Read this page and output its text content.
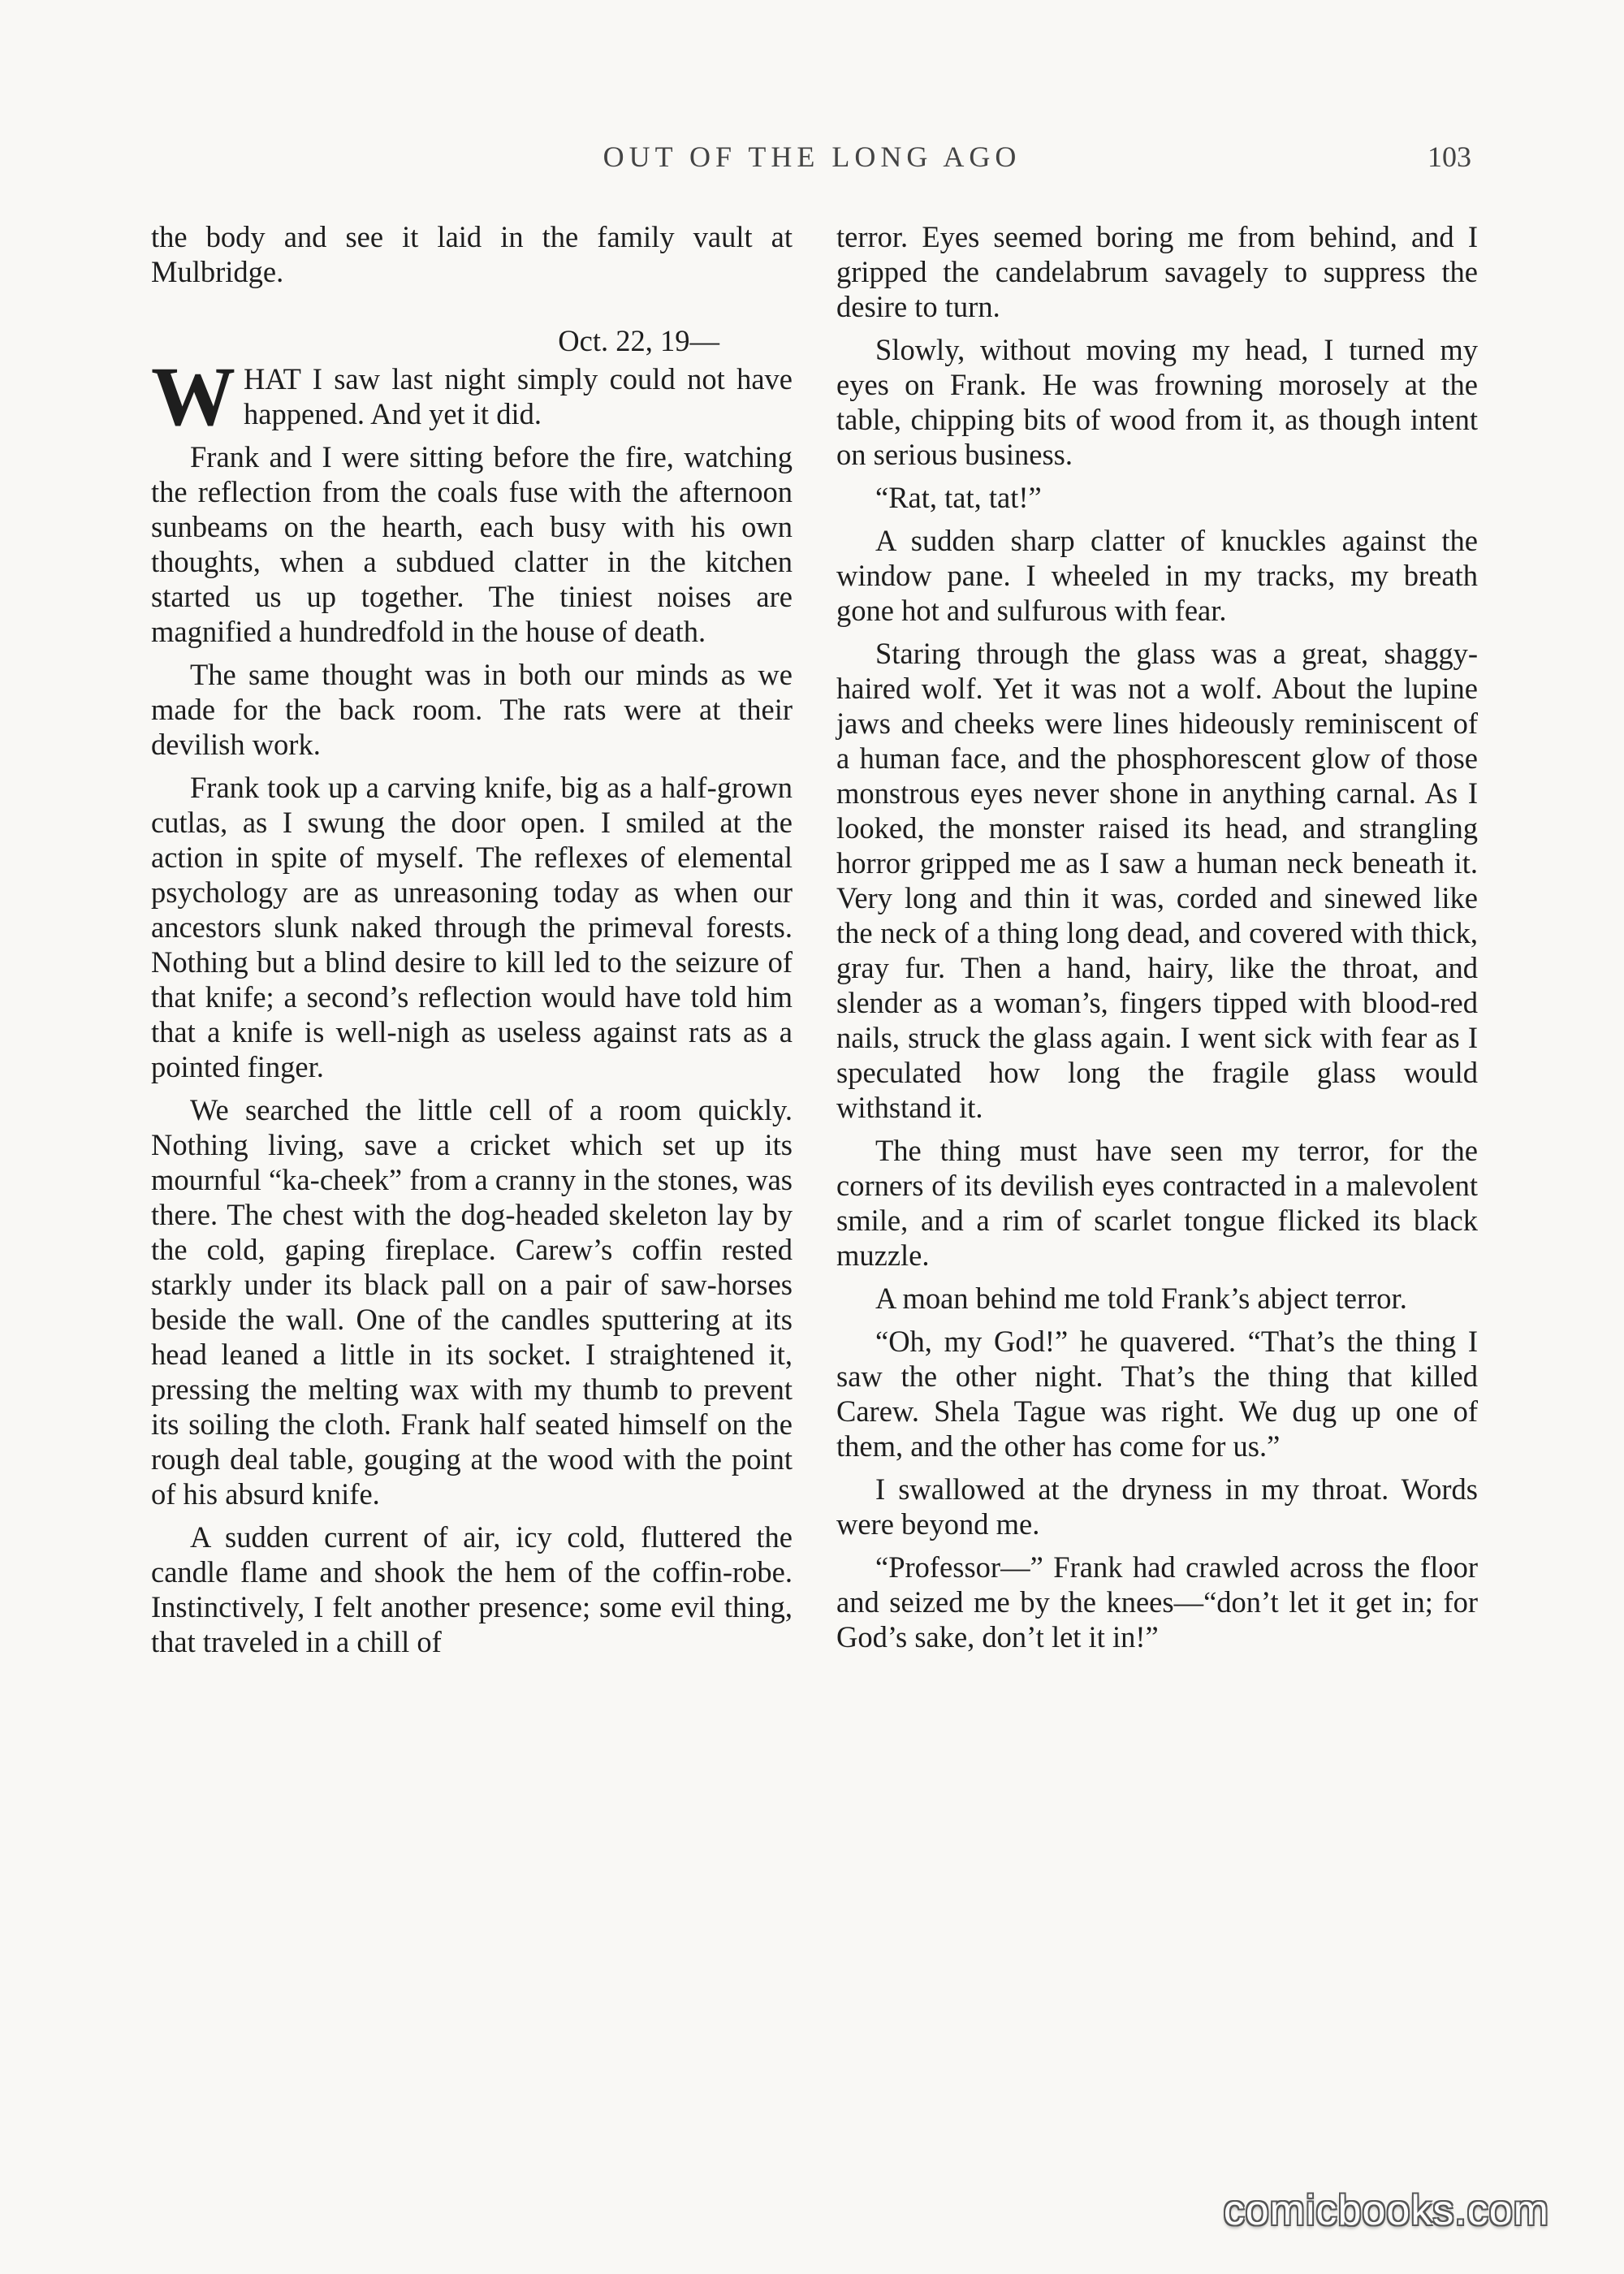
OUT OF THE LONG AGO	103

the body and see it laid in the family vault at Mulbridge.

Oct. 22, 19—

WHAT I saw last night simply could not have happened. And yet it did.

Frank and I were sitting before the fire, watching the reflection from the coals fuse with the afternoon sunbeams on the hearth, each busy with his own thoughts, when a subdued clatter in the kitchen started us up together. The tiniest noises are magnified a hundredfold in the house of death.

The same thought was in both our minds as we made for the back room. The rats were at their devilish work.

Frank took up a carving knife, big as a half-grown cutlas, as I swung the door open. I smiled at the action in spite of myself. The reflexes of elemental psychology are as unreasoning today as when our ancestors slunk naked through the primeval forests. Nothing but a blind desire to kill led to the seizure of that knife; a second’s reflection would have told him that a knife is well-nigh as useless against rats as a pointed finger.

We searched the little cell of a room quickly. Nothing living, save a cricket which set up its mournful “ka-cheek” from a cranny in the stones, was there. The chest with the dog-headed skeleton lay by the cold, gaping fireplace. Carew’s coffin rested starkly under its black pall on a pair of saw-horses beside the wall. One of the candles sputtering at its head leaned a little in its socket. I straightened it, pressing the melting wax with my thumb to prevent its soiling the cloth. Frank half seated himself on the rough deal table, gouging at the wood with the point of his absurd knife.

A sudden current of air, icy cold, fluttered the candle flame and shook the hem of the coffin-robe. Instinctively, I felt another presence; some evil thing, that traveled in a chill of

terror. Eyes seemed boring me from behind, and I gripped the candelabrum savagely to suppress the desire to turn.

Slowly, without moving my head, I turned my eyes on Frank. He was frowning morosely at the table, chipping bits of wood from it, as though intent on serious business.

“Rat, tat, tat!”

A sudden sharp clatter of knuckles against the window pane. I wheeled in my tracks, my breath gone hot and sulfurous with fear.

Staring through the glass was a great, shaggy-haired wolf. Yet it was not a wolf. About the lupine jaws and cheeks were lines hideously reminiscent of a human face, and the phosphorescent glow of those monstrous eyes never shone in anything carnal. As I looked, the monster raised its head, and strangling horror gripped me as I saw a human neck beneath it. Very long and thin it was, corded and sinewed like the neck of a thing long dead, and covered with thick, gray fur. Then a hand, hairy, like the throat, and slender as a woman’s, fingers tipped with blood-red nails, struck the glass again. I went sick with fear as I speculated how long the fragile glass would withstand it.

The thing must have seen my terror, for the corners of its devilish eyes contracted in a malevolent smile, and a rim of scarlet tongue flicked its black muzzle.

A moan behind me told Frank’s abject terror.

“Oh, my God!” he quavered. “That’s the thing I saw the other night. That’s the thing that killed Carew. Shela Tague was right. We dug up one of them, and the other has come for us.”

I swallowed at the dryness in my throat. Words were beyond me.

“Professor—” Frank had crawled across the floor and seized me by the knees—“don’t let it get in; for God’s sake, don’t let it in!”

comicbooks.com
